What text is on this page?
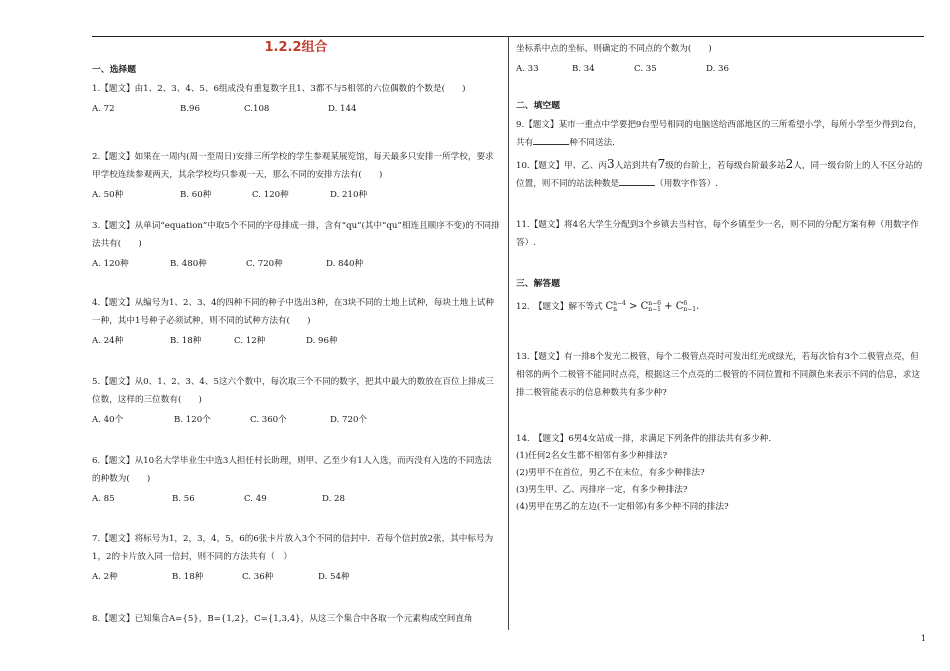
1.2.2组合
一、选择题

1.【题文】由1、2、3、4、5、6组成没有重复数字且1、3都不与5相邻的六位偶数的个数是(　　)

A. 72	B.96	C.108	D. 144

2.【题文】如果在一周内(周一至周日)安排三所学校的学生参观某展览馆，每天最多只安排一所学校，要求甲学校连续参观两天，其余学校均只参观一天，那么不同的安排方法有(　　)

A. 50种	B. 60种	C. 120种	D. 210种

3.【题文】从单词“equation”中取5个不同的字母排成一排，含有“qu”(其中“qu”相连且顺序不变)的不同排法共有(　　)

A. 120种	B. 480种	C. 720种	D. 840种

4.【题文】从编号为1、2、3、4的四种不同的种子中选出3种，在3块不同的土地上试种，每块土地上试种一种，其中1号种子必须试种，则不同的试种方法有(　　)

A. 24种	B. 18种	C. 12种	D. 96种

5.【题文】从0、1、2、3、4、5这六个数中，每次取三个不同的数字，把其中最大的数放在百位上排成三位数，这样的三位数有(　　)

A. 40个	B. 120个	C. 360个	D. 720个

6.【题文】从10名大学毕业生中选3人担任村长助理，则甲、乙至少有1人入选，而丙没有入选的不同选法的种数为(　　)

A. 85	B. 56	C. 49	D. 28

7.【题文】将标号为1，2，3，4，5，6的6张卡片放入3个不同的信封中．若每个信封放2张，其中标号为1，2的卡片放入同一信封，则不同的方法共有（　）

A. 2种	B. 18种	C. 36种	D. 54种

8.【题文】已知集合A={5}，B={1,2}，C={1,3,4}，从这三个集合中各取一个元素构成空间直角

坐标系中点的坐标，则确定的不同点的个数为(　　)

A. 33	B. 34	C. 35	D. 36
二、填空题

9.【题文】某市一重点中学要把9台型号相同的电脑送给西部地区的三所希望小学，每所小学至少得到2台，共有	种不同送法.

10.【题文】甲、乙、丙3人站到共有7级的台阶上，若每级台阶最多站2人，同一级台阶上的人不区分站的位置，则不同的站法种数是	（用数字作答）.

11.【题文】将4名大学生分配到3个乡镇去当村官，每个乡镇至少一名，则不同的分配方案有种（用数字作答）.

三、解答题

12.　【题文】解不等式 C n−4
n > C n−6
n−1 + C 6
n−1 .

13.【题文】有一排8个发光二极管，每个二极管点亮时可发出红光或绿光，若每次恰有3个二极管点亮，但相邻的两个二极管不能同时点亮，根据这三个点亮的二极管的不同位置和不同颜色来表示不同的信息，求这排二极管能表示的信息种数共有多少种?

14.　【题文】6男4女站成一排，求满足下列条件的排法共有多少种.

(1)任何2名女生都不相邻有多少种排法?

(2)男甲不在首位，男乙不在末位，有多少种排法?

(3)男生甲、乙、丙排序一定，有多少种排法?

(4)男甲在男乙的左边(不一定相邻)有多少种不同的排法?

1
